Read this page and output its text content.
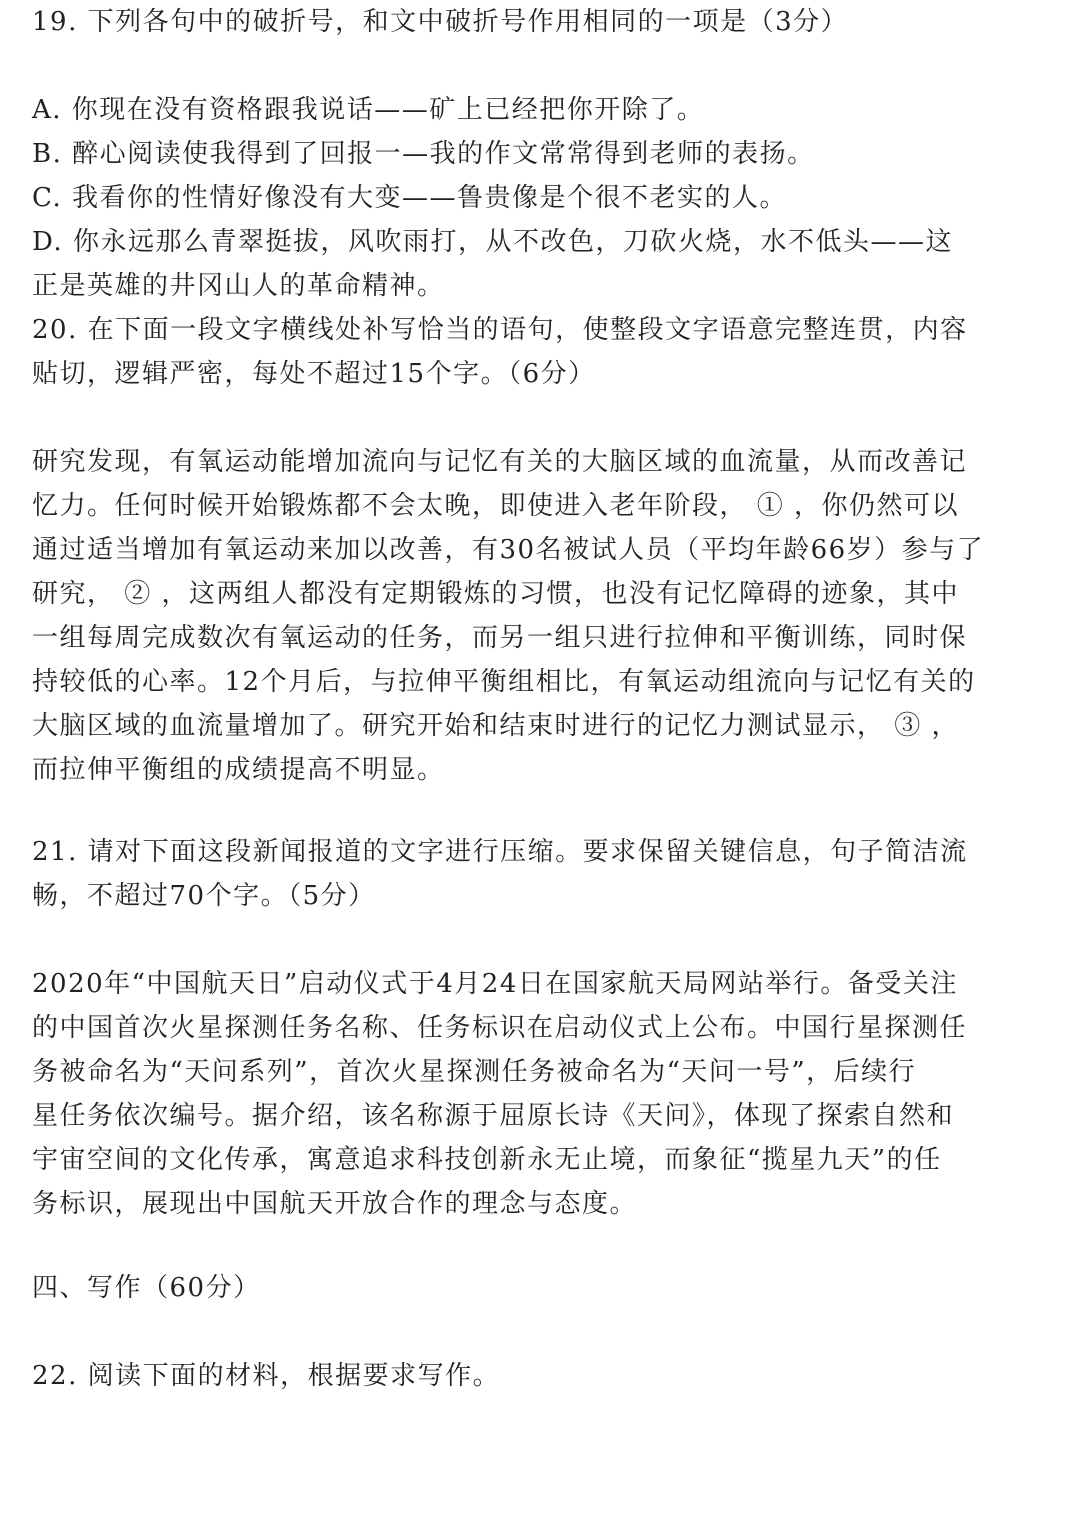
19. 下列各句中的破折号，和文中破折号作用相同的一项是（3分）
A. 你现在没有资格跟我说话——矿上已经把你开除了。
B. 醉心阅读使我得到了回报一—我的作文常常得到老师的表扬。
C. 我看你的性情好像没有大变——鲁贵像是个很不老实的人。
D. 你永远那么青翠挺拔，风吹雨打，从不改色，刀砍火烧，水不低头——这
正是英雄的井冈山人的革命精神。
20. 在下面一段文字横线处补写恰当的语句，使整段文字语意完整连贯，内容
贴切，逻辑严密，每处不超过15个字。（6分）
研究发现，有氧运动能增加流向与记忆有关的大脑区域的血流量，从而改善记
忆力。任何时候开始锻炼都不会太晚，即使进入老年阶段， ① ，你仍然可以
通过适当增加有氧运动来加以改善，有30名被试人员（平均年龄66岁）参与了
研究， ② ，这两组人都没有定期锻炼的习惯，也没有记忆障碍的迹象，其中
一组每周完成数次有氧运动的任务，而另一组只进行拉伸和平衡训练，同时保
持较低的心率。12个月后，与拉伸平衡组相比，有氧运动组流向与记忆有关的
大脑区域的血流量增加了。研究开始和结束时进行的记忆力测试显示， ③ ，
而拉伸平衡组的成绩提高不明显。
21. 请对下面这段新闻报道的文字进行压缩。要求保留关键信息，句子简洁流
畅，不超过70个字。（5分）
2020年“中国航天日”启动仪式于4月24日在国家航天局网站举行。备受关注
的中国首次火星探测任务名称、任务标识在启动仪式上公布。中国行星探测任
务被命名为“天问系列”，首次火星探测任务被命名为“天问一号”，后续行
星任务依次编号。据介绍，该名称源于屈原长诗《天问》，体现了探索自然和
宇宙空间的文化传承，寓意追求科技创新永无止境，而象征“揽星九天”的任
务标识，展现出中国航天开放合作的理念与态度。
四、写作（60分）
22. 阅读下面的材料，根据要求写作。
